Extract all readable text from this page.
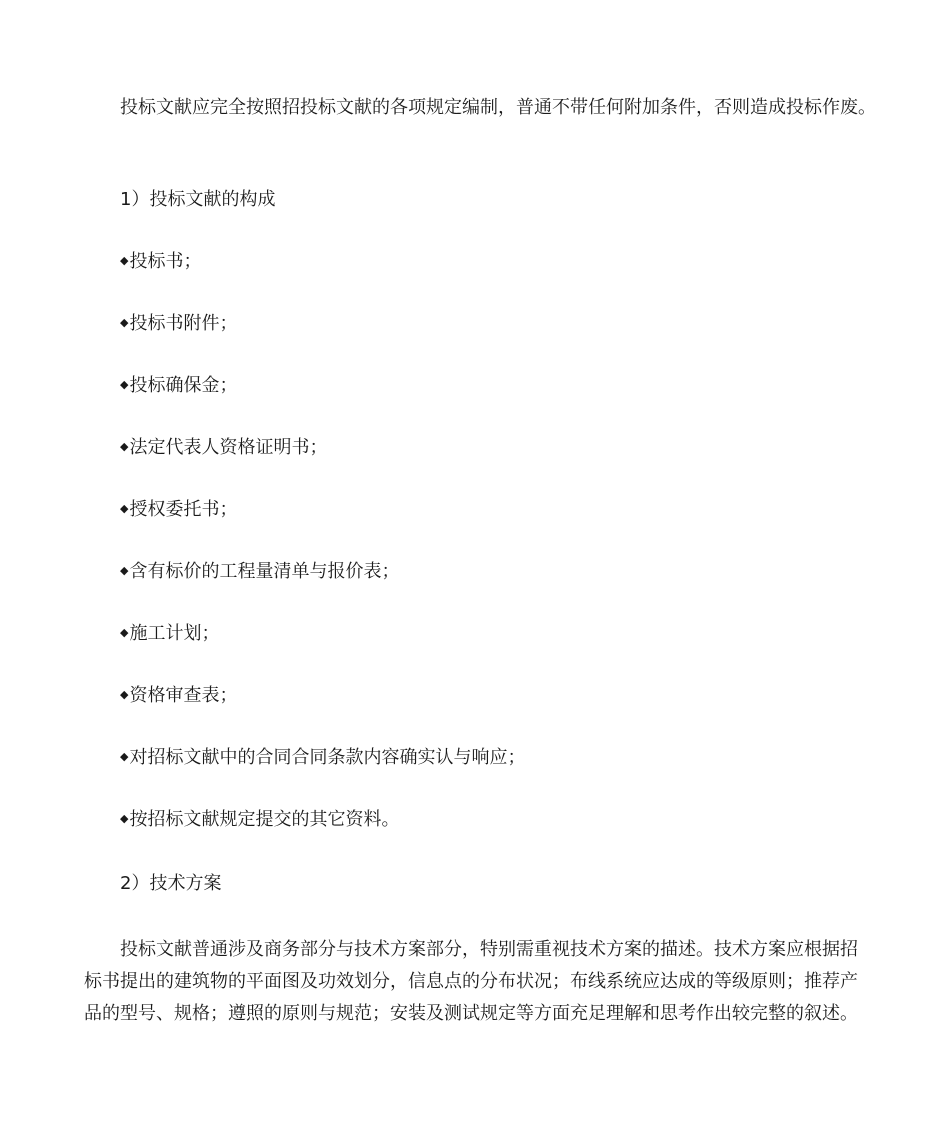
投标文献应完全按照招投标文献的各项规定编制，普通不带任何附加条件，否则造成投标作废。
1）投标文献的构成
◆投标书；
◆投标书附件；
◆投标确保金；
◆法定代表人资格证明书；
◆授权委托书；
◆含有标价的工程量清单与报价表；
◆施工计划；
◆资格审查表；
◆对招标文献中的合同合同条款内容确实认与响应；
◆按招标文献规定提交的其它资料。
2）技术方案
投标文献普通涉及商务部分与技术方案部分，特别需重视技术方案的描述。技术方案应根据招
标书提出的建筑物的平面图及功效划分，信息点的分布状况；布线系统应达成的等级原则；推荐产
品的型号、规格；遵照的原则与规范；安装及测试规定等方面充足理解和思考作出较完整的叙述。
